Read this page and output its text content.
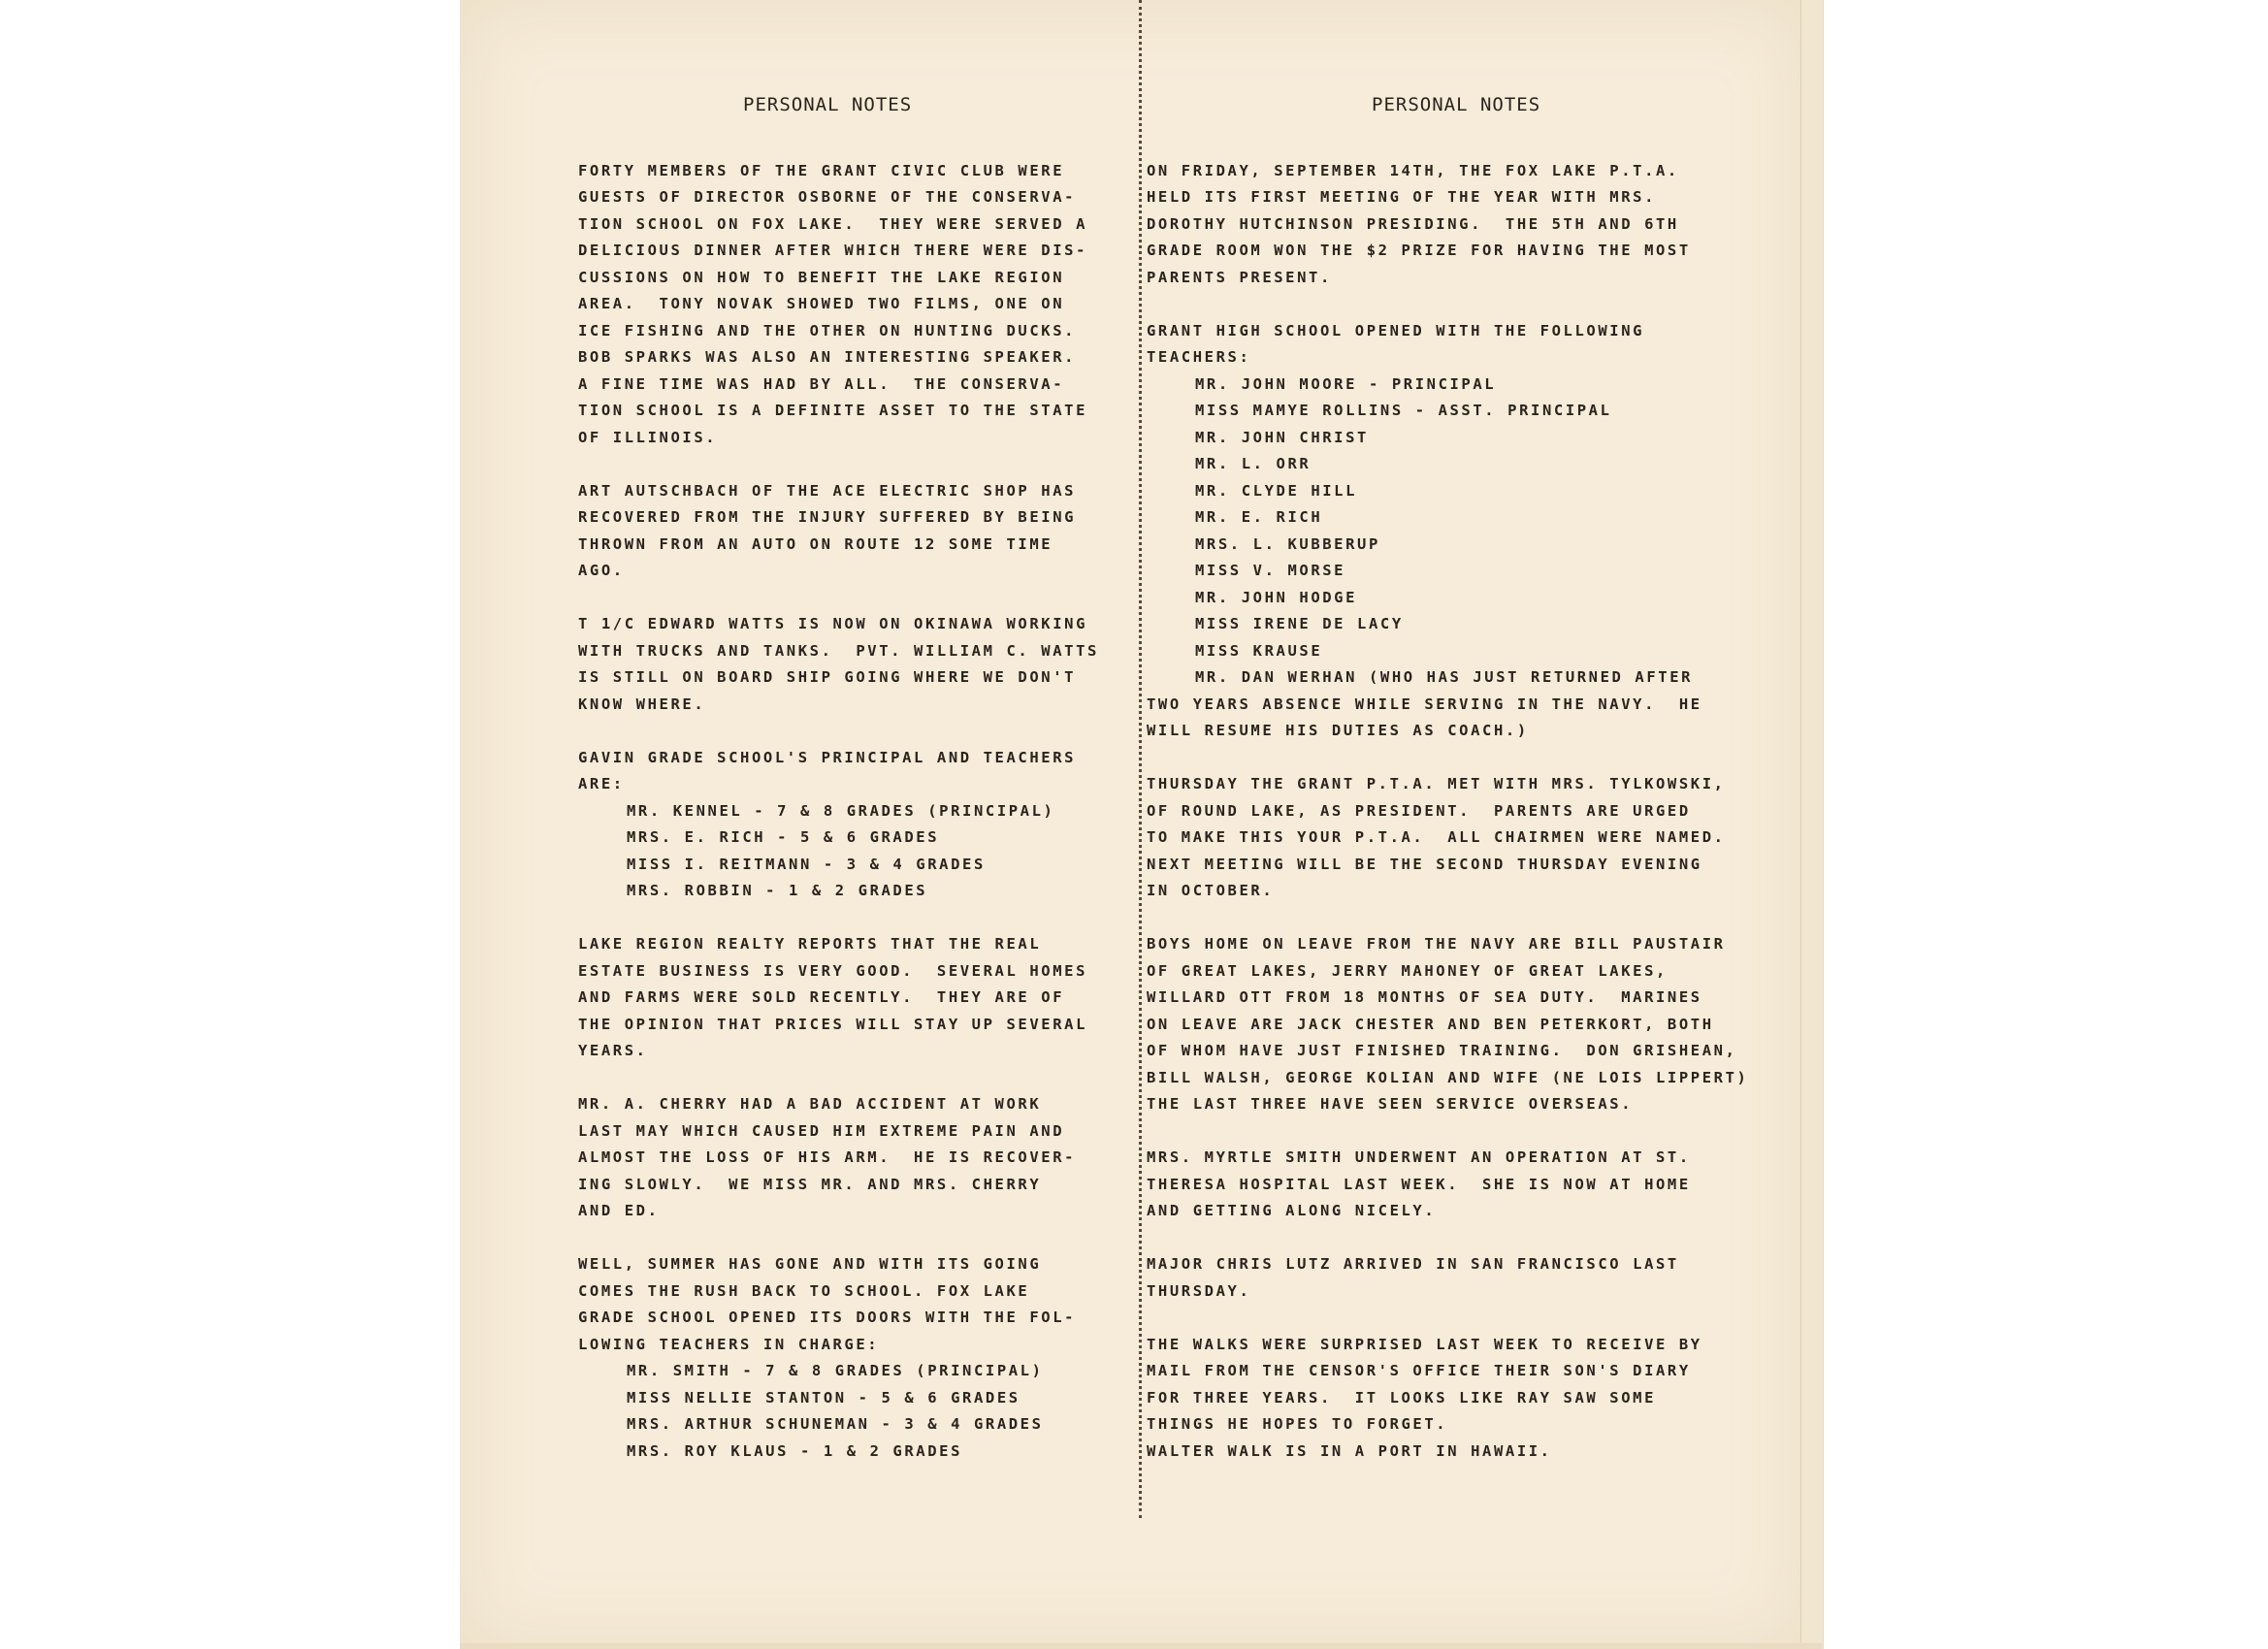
PERSONAL NOTES
FORTY MEMBERS OF THE GRANT CIVIC CLUB WERE
GUESTS OF DIRECTOR OSBORNE OF THE CONSERVA-
TION SCHOOL ON FOX LAKE.  THEY WERE SERVED A
DELICIOUS DINNER AFTER WHICH THERE WERE DIS-
CUSSIONS ON HOW TO BENEFIT THE LAKE REGION
AREA.  TONY NOVAK SHOWED TWO FILMS, ONE ON
ICE FISHING AND THE OTHER ON HUNTING DUCKS.
BOB SPARKS WAS ALSO AN INTERESTING SPEAKER.
A FINE TIME WAS HAD BY ALL.  THE CONSERVA-
TION SCHOOL IS A DEFINITE ASSET TO THE STATE
OF ILLINOIS.
ART AUTSCHBACH OF THE ACE ELECTRIC SHOP HAS
RECOVERED FROM THE INJURY SUFFERED BY BEING
THROWN FROM AN AUTO ON ROUTE 12 SOME TIME
AGO.
T 1/C EDWARD WATTS IS NOW ON OKINAWA WORKING
WITH TRUCKS AND TANKS.  PVT. WILLIAM C. WATTS
IS STILL ON BOARD SHIP GOING WHERE WE DON'T
KNOW WHERE.
GAVIN GRADE SCHOOL'S PRINCIPAL AND TEACHERS
ARE:
MR. KENNEL - 7 & 8 GRADES (PRINCIPAL)
MRS. E. RICH - 5 & 6 GRADES
MISS I. REITMANN - 3 & 4 GRADES
MRS. ROBBIN - 1 & 2 GRADES
LAKE REGION REALTY REPORTS THAT THE REAL
ESTATE BUSINESS IS VERY GOOD.  SEVERAL HOMES
AND FARMS WERE SOLD RECENTLY.  THEY ARE OF
THE OPINION THAT PRICES WILL STAY UP SEVERAL
YEARS.
MR. A. CHERRY HAD A BAD ACCIDENT AT WORK
LAST MAY WHICH CAUSED HIM EXTREME PAIN AND
ALMOST THE LOSS OF HIS ARM.  HE IS RECOVER-
ING SLOWLY.  WE MISS MR. AND MRS. CHERRY
AND ED.
WELL, SUMMER HAS GONE AND WITH ITS GOING
COMES THE RUSH BACK TO SCHOOL. FOX LAKE
GRADE SCHOOL OPENED ITS DOORS WITH THE FOL-
LOWING TEACHERS IN CHARGE:
MR. SMITH - 7 & 8 GRADES (PRINCIPAL)
MISS NELLIE STANTON - 5 & 6 GRADES
MRS. ARTHUR SCHUNEMAN - 3 & 4 GRADES
MRS. ROY KLAUS - 1 & 2 GRADES
PERSONAL NOTES
ON FRIDAY, SEPTEMBER 14TH, THE FOX LAKE P.T.A.
HELD ITS FIRST MEETING OF THE YEAR WITH MRS.
DOROTHY HUTCHINSON PRESIDING.  THE 5TH AND 6TH
GRADE ROOM WON THE $2 PRIZE FOR HAVING THE MOST
PARENTS PRESENT.
GRANT HIGH SCHOOL OPENED WITH THE FOLLOWING
TEACHERS:
MR. JOHN MOORE - PRINCIPAL
MISS MAMYE ROLLINS - ASST. PRINCIPAL
MR. JOHN CHRIST
MR. L. ORR
MR. CLYDE HILL
MR. E. RICH
MRS. L. KUBBERUP
MISS V. MORSE
MR. JOHN HODGE
MISS IRENE DE LACY
MISS KRAUSE
MR. DAN WERHAN (WHO HAS JUST RETURNED AFTER
TWO YEARS ABSENCE WHILE SERVING IN THE NAVY.  HE
WILL RESUME HIS DUTIES AS COACH.)
THURSDAY THE GRANT P.T.A. MET WITH MRS. TYLKOWSKI,
OF ROUND LAKE, AS PRESIDENT.  PARENTS ARE URGED
TO MAKE THIS YOUR P.T.A.  ALL CHAIRMEN WERE NAMED.
NEXT MEETING WILL BE THE SECOND THURSDAY EVENING
IN OCTOBER.
BOYS HOME ON LEAVE FROM THE NAVY ARE BILL PAUSTAIR
OF GREAT LAKES, JERRY MAHONEY OF GREAT LAKES,
WILLARD OTT FROM 18 MONTHS OF SEA DUTY.  MARINES
ON LEAVE ARE JACK CHESTER AND BEN PETERKORT, BOTH
OF WHOM HAVE JUST FINISHED TRAINING.  DON GRISHEAN,
BILL WALSH, GEORGE KOLIAN AND WIFE (NE LOIS LIPPERT)
THE LAST THREE HAVE SEEN SERVICE OVERSEAS.
MRS. MYRTLE SMITH UNDERWENT AN OPERATION AT ST.
THERESA HOSPITAL LAST WEEK.  SHE IS NOW AT HOME
AND GETTING ALONG NICELY.
MAJOR CHRIS LUTZ ARRIVED IN SAN FRANCISCO LAST
THURSDAY.
THE WALKS WERE SURPRISED LAST WEEK TO RECEIVE BY
MAIL FROM THE CENSOR'S OFFICE THEIR SON'S DIARY
FOR THREE YEARS.  IT LOOKS LIKE RAY SAW SOME
THINGS HE HOPES TO FORGET.
WALTER WALK IS IN A PORT IN HAWAII.
